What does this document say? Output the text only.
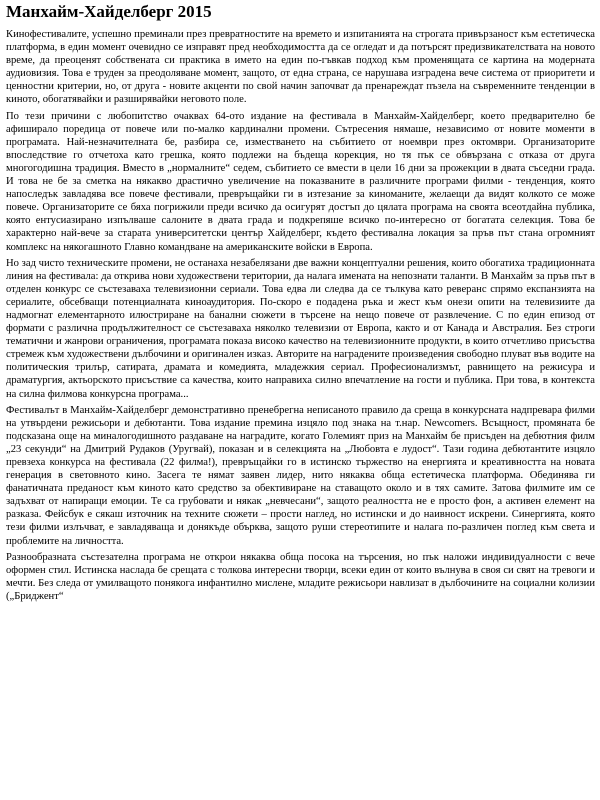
Манхайм-Хайделберг 2015

Кинофестивалите, успешно преминали през превратностите на времето и изпитанията на строгата привързаност към естетическа платформа, в един момент очевидно се изправят пред необходимостта да се огледат и да потърсят предизвикателствата на новото време, да преоценят собствената си практика в името на един по-гъвкав подход към променящата се картина на модерната аудиовизия. Това е труден за преодоляване момент, защото, от една страна, се нарушава изградена вече система от приоритети и ценностни критерии, но, от друга - новите акценти по свой начин започват да пренареждат пъзела на съвременните тенденции в киното, обогатявайки и разширявайки неговото поле.

По тези причини с любопитство очаквах 64-ото издание на фестивала в Манхайм-Хайделберг, което предварително бе афиширало поредица от повече или по-малко кардинални промени. Сътресения нямаше, независимо от новите моменти в програмата. Най-незначителната бе, разбира се, изместването на събитието от ноември през октомври. Организаторите впоследствие го отчетоха като грешка, която подлежи на бъдеща корекция, но тя пък се обвързана с отказа от друга многогодишна традиция. Вместо в „нормалните“ седем, събитието се вмести в цели 16 дни за прожекции в двата съседни града. И това не бе за сметка на някакво драстично увеличение на показваните в различните програми филми - тенденция, която напоследък завладява все повече фестивали, превръщайки ги в изтезание за киноманите, желаещи да видят колкото се може повече. Организаторите се бяха погрижили преди всичко да осигурят достъп до цялата програма на своята всеотдайна публика, която ентусиазирано изпълваше салоните в двата града и подкрепяше всичко по-интересно от богатата селекция. Това бе характерно най-вече за старата университетски център Хайделберг, където фестивална локация за пръв път стана огромният комплекс на някогашното Главно командване на американските войски в Европа.

Но зад чисто техническите промени, не останаха незабелязани две важни концептуални решения, които обогатиха традиционната линия на фестивала: да открива нови художествени територии, да налага имената на непознати таланти. В Манхайм за пръв път в отделен конкурс се състезаваха телевизионни сериали. Това едва ли следва да се тълкува като реверанс спрямо експанзията на сериалите, обсебващи потенциалната киноаудитория. По-скоро е подадена ръка и жест към онези опити на телевизиите да надмогнат елементарното илюстриране на банални сюжети в търсене на нещо повече от развлечение. С по един епизод от формати с различна продължителност се състезаваха няколко телевизии от Европа, както и от Канада и Австралия. Без строги тематични и жанрови ограничения, програмата показа високо качество на телевизионните продукти, в които отчетливо присъства стремеж към художествени дълбочини и оригинален изказ. Авторите на наградените произведения свободно плуват във водите на политическия трилър, сатирата, драмата и комедията, младежкия сериал. Професионализмът, равнището на режисура и драматургия, актьорското присъствие са качества, които направиха силно впечатление на гости и публика. При това, в контекста на силна филмова конкурсна програма...

Фестивалът в Манхайм-Хайделберг демонстративно пренебрегна неписаното правило да срещa в конкурсната надпревара филми на утвърдени режисьори и дебютанти. Това издание премина изцяло под знака на т.нар. Newcomers. Всъщност, промяната бе подсказана още на миналогодишното раздаване на наградите, когато Големият приз на Манхайм бе присъден на дебютния филм „23 секунди“ на Дмитрий Рудаков (Уругвай), показан и в селекцията на „Любовта е лудост“. Тази година дебютантите изцяло превзеха конкурса на фестивала (22 филма!), превръщайки го в истинско тържество на енергията и креативността на новата генерация в световното кино. Засега те нямат заявен лидер, нито някаква обща естетическа платформа. Обединява ги фанатичната преданост към киното като средство за обективиране на ставащото около и в тях самите. Затова филмите им се задъхват от напиращи емоции. Те са грубовати и някак „невчесани“, защото реалността не е просто фон, а активен елемент на разказа. Фейсбук е сякаш източник на техните сюжети – прости наглед, но истински и до наивност искрени. Синергията, която тези филми излъчват, е завладяваща и донякъде обърква, защото руши стереотипите и налага по-различен поглед към света и проблемите на личността.

Разнообразната състезателна програма не открои някаква обща посока на търсения, но пък наложи индивидуалности с вече оформен стил. Истинска наслада бе срещата с толкова интересни творци, всеки един от които вълнува в своя си свят на тревоги и мечти. Без следа от умилващото понякога инфантилно мислене, младите режисьори навлизат в дълбочините на социални колизии („Бриджент“
